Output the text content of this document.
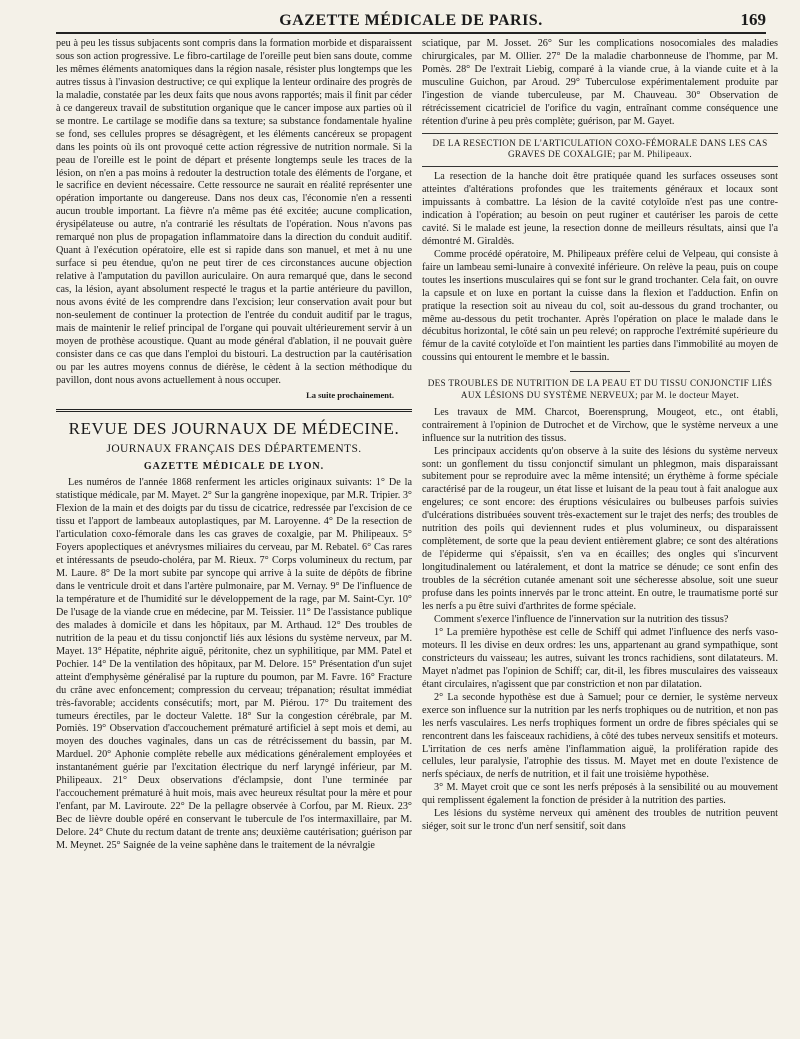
GAZETTE MÉDICALE DE PARIS.	169

peu à peu les tissus subjacents sont compris dans la formation morbide et disparaissent sous son action progressive. Le fibro-cartilage de l'oreille peut bien sans doute, comme les mêmes éléments anatomiques dans la région nasale, résister plus longtemps que les autres tissus à l'invasion destructive; ce qui explique la lenteur ordinaire des progrès de la maladie, constatée par les deux faits que nous avons rapportés; mais il finit par céder à ce dangereux travail de substitution organique que le cancer impose aux parties où il se montre. Le cartilage se modifie dans sa texture; sa substance fondamentale hyaline se fond, ses cellules propres se désagrègent, et les éléments cancéreux se propagent dans les points où ils ont provoqué cette action régressive de nutrition normale. Si la peau de l'oreille est le point de départ et présente longtemps seule les traces de la lésion, on n'en a pas moins à redouter la destruction totale des éléments de l'organe, et le sacrifice en devient nécessaire. Cette ressource ne saurait en réalité représenter une opération importante ou dangereuse. Dans nos deux cas, l'économie n'en a ressenti aucun trouble important. La fièvre n'a même pas été excitée; aucune complication, érysipélateuse ou autre, n'a contrarié les résultats de l'opération. Nous n'avons pas remarqué non plus de propagation inflammatoire dans la direction du conduit auditif. Quant à l'exécution opératoire, elle est si rapide dans son manuel, et met à nu une surface si peu étendue, qu'on ne peut tirer de ces circonstances aucune objection relative à l'amputation du pavillon auriculaire. On aura remarqué que, dans le second cas, la lésion, ayant absolument respecté le tragus et la partie antérieure du pavillon, nous avons évité de les comprendre dans l'excision; leur conservation avait pour but non-seulement de continuer la protection de l'entrée du conduit auditif par le tragus, mais de maintenir le relief principal de l'organe qui pouvait ultérieurement servir à un moyen de prothèse acoustique. Quant au mode général d'ablation, il ne pouvait guère consister dans ce cas que dans l'emploi du bistouri. La destruction par la cautérisation ou par les autres moyens connus de diérèse, le cèdent à la section méthodique du pavillon, dont nous avons actuellement à nous occuper.

La suite prochainement.
REVUE DES JOURNAUX DE MÉDECINE.
JOURNAUX FRANÇAIS DES DÉPARTEMENTS.
GAZETTE MÉDICALE DE LYON.

Les numéros de l'année 1868 renferment les articles originaux suivants: 1° De la statistique médicale, par M. Mayet. 2° Sur la gangrène inopexique, par M.R. Tripier. 3° Flexion de la main et des doigts par du tissu de cicatrice, redressée par l'excision de ce tissu et l'apport de lambeaux autoplastiques, par M. Laroyenne. 4° De la resection de l'articulation coxo-fémorale dans les cas graves de coxalgie, par M. Philipeaux. 5° Foyers apoplectiques et anévrysmes miliaires du cerveau, par M. Rebatel. 6° Cas rares et intéressants de pseudo-choléra, par M. Rieux. 7° Corps volumineux du rectum, par M. Laure. 8° De la mort subite par syncope qui arrive à la suite de dépôts de fibrine dans le ventricule droit et dans l'artère pulmonaire, par M. Vernay. 9° De l'influence de la température et de l'humidité sur le développement de la rage, par M. Saint-Cyr. 10° De l'usage de la viande crue en médecine, par M. Teissier. 11° De l'assistance publique des malades à domicile et dans les hôpitaux, par M. Arthaud. 12° Des troubles de nutrition de la peau et du tissu conjonctif liés aux lésions du système nerveux, par M. Mayet. 13° Hépatite, néphrite aiguë, péritonite, chez un syphilitique, par MM. Patel et Pochier. 14° De la ventilation des hôpitaux, par M. Delore. 15° Présentation d'un sujet atteint d'emphysème généralisé par la rupture du poumon, par M. Favre. 16° Fracture du crâne avec enfoncement; compression du cerveau; trépanation; résultat immédiat très-favorable; accidents consécutifs; mort, par M. Piérou. 17° Du traitement des tumeurs érectiles, par le docteur Valette. 18° Sur la congestion cérébrale, par M. Pomiès. 19° Observation d'accouchement prématuré artificiel à sept mois et demi, au moyen des douches vaginales, dans un cas de rétrécissement du bassin, par M. Marduel. 20° Aphonie complète rebelle aux médications généralement employées et instantanément guérie par l'excitation électrique du nerf laryngé inférieur, par M. Philipeaux. 21° Deux observations d'éclampsie, dont l'une terminée par l'accouchement prématuré à huit mois, mais avec heureux résultat pour la mère et pour l'enfant, par M. Laviroute. 22° De la pellagre observée à Corfou, par M. Rieux. 23° Bec de lièvre double opéré en conservant le tubercule de l'os intermaxillaire, par M. Delore. 24° Chute du rectum datant de trente ans; deuxième cautérisation; guérison par M. Meynet. 25° Saignée de la veine saphène dans le traitement de la névralgie

sciatique, par M. Josset. 26° Sur les complications nosocomiales des maladies chirurgicales, par M. Ollier. 27° De la maladie charbonneuse de l'homme, par M. Pomès. 28° De l'extrait Liebig, comparé à la viande crue, à la viande cuite et à la musculine Guichon, par Aroud. 29° Tuberculose expérimentalement produite par l'ingestion de viande tuberculeuse, par M. Chauveau. 30° Observation de rétrécissement cicatriciel de l'orifice du vagin, entraînant comme conséquence une rétention d'urine à peu près complète; guérison, par M. Gayet.

DE LA RESECTION DE L'ARTICULATION COXO-FÉMORALE DANS LES CAS GRAVES DE COXALGIE; par M. Philipeaux.

La resection de la hanche doit être pratiquée quand les surfaces osseuses sont atteintes d'altérations profondes que les traitements généraux et locaux sont impuissants à combattre. La lésion de la cavité cotyloïde n'est pas une contre-indication à l'opération; au besoin on peut ruginer et cautériser les parois de cette cavité. Si le malade est jeune, la resection donne de meilleurs résultats, ainsi que l'a démontré M. Giraldès.

Comme procédé opératoire, M. Philipeaux préfère celui de Velpeau, qui consiste à faire un lambeau semi-lunaire à convexité inférieure. On relève la peau, puis on coupe toutes les insertions musculaires qui se font sur le grand trochanter. Cela fait, on ouvre la capsule et on luxe en portant la cuisse dans la flexion et l'adduction. Enfin on pratique la resection soit au niveau du col, soit au-dessous du grand trochanter, ou même au-dessous du petit trochanter. Après l'opération on place le malade dans le décubitus horizontal, le côté sain un peu relevé; on rapproche l'extrémité supérieure du fémur de la cavité cotyloïde et l'on maintient les parties dans l'immobilité au moyen de coussins qui entourent le membre et le bassin.

DES TROUBLES DE NUTRITION DE LA PEAU ET DU TISSU CONJONCTIF LIÉS AUX LÉSIONS DU SYSTÈME NERVEUX; par M. le docteur Mayet.

Les travaux de MM. Charcot, Boerensprung, Mougeot, etc., ont établi, contrairement à l'opinion de Dutrochet et de Virchow, que le système nerveux a une influence sur la nutrition des tissus.

Les principaux accidents qu'on observe à la suite des lésions du système nerveux sont: un gonflement du tissu conjonctif simulant un phlegmon, mais disparaissant subitement pour se reproduire avec la même intensité; un érythème à forme spéciale caractérisé par de la rougeur, un état lisse et luisant de la peau tout à fait analogue aux engelures; ce sont encore: des éruptions vésiculaires ou bulbeuses parfois suivies d'ulcérations distribuées souvent très-exactement sur le trajet des nerfs; des troubles de nutrition des poils qui deviennent rudes et plus volumineux, ou disparaissent complètement, de sorte que la peau devient entièrement glabre; ce sont des altérations de l'épiderme qui s'épaissit, s'en va en écailles; des ongles qui s'incurvent longitudinalement ou latéralement, et dont la matrice se dénude; ce sont enfin des troubles de la sécrétion cutanée amenant soit une sécheresse absolue, soit une sueur profuse dans les points innervés par le tronc atteint. En outre, le traumatisme porté sur les nerfs a pu être suivi d'arthrites de forme spéciale.

Comment s'exerce l'influence de l'innervation sur la nutrition des tissus?

1° La première hypothèse est celle de Schiff qui admet l'influence des nerfs vaso-moteurs. Il les divise en deux ordres: les uns, appartenant au grand sympathique, sont constricteurs du vaisseau; les autres, suivant les troncs rachidiens, sont dilatateurs. M. Mayet n'admet pas l'opinion de Schiff; car, dit-il, les fibres musculaires des vaisseaux étant circulaires, n'agissent que par constriction et non par dilatation.

2° La seconde hypothèse est due à Samuel; pour ce dernier, le système nerveux exerce son influence sur la nutrition par les nerfs trophiques ou de nutrition, et non pas les nerfs vasculaires. Les nerfs trophiques forment un ordre de fibres spéciales qui se rencontrent dans les faisceaux rachidiens, à côté des tubes nerveux sensitifs et moteurs. L'irritation de ces nerfs amène l'inflammation aiguë, la prolifération rapide des cellules, leur paralysie, l'atrophie des tissus. M. Mayet met en doute l'existence de nerfs spéciaux, de nerfs de nutrition, et il fait une troisième hypothèse.

3° M. Mayet croit que ce sont les nerfs préposés à la sensibilité ou au mouvement qui remplissent également la fonction de présider à la nutrition des parties.

Les lésions du système nerveux qui amènent des troubles de nutrition peuvent siéger, soit sur le tronc d'un nerf sensitif, soit dans
